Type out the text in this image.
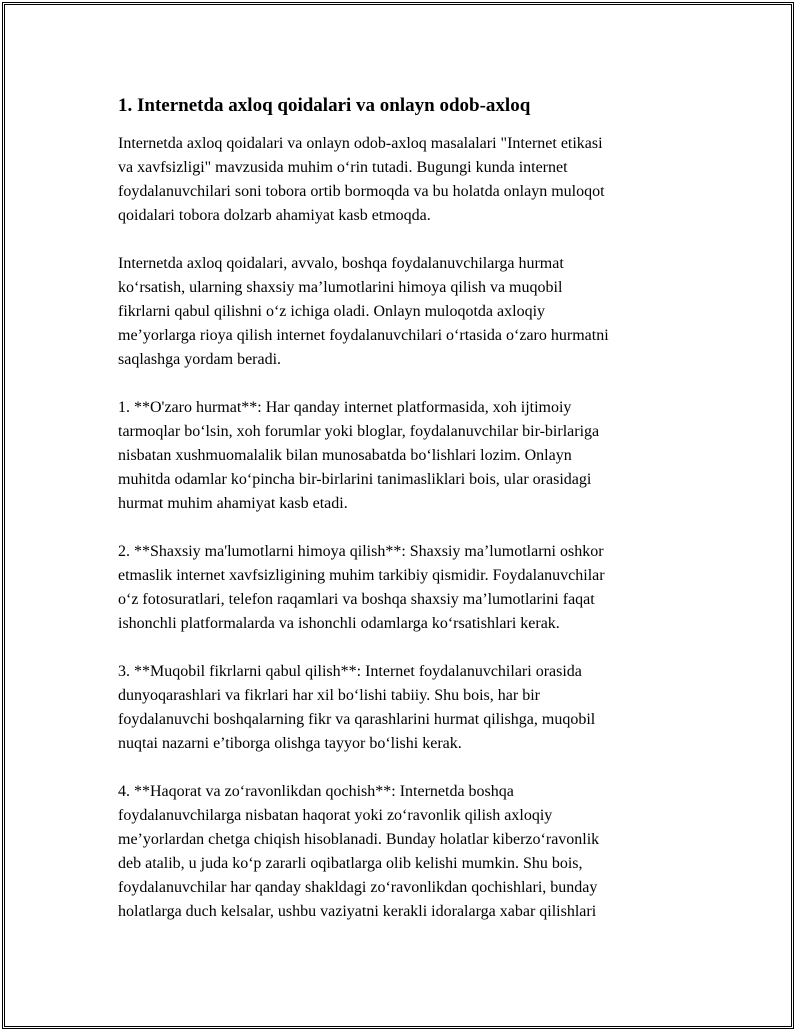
1. Internetda axloq qoidalari va onlayn odob-axloq

Internetda axloq qoidalari va onlayn odob-axloq masalalari "Internet etikasi
va xavfsizligi" mavzusida muhim o‘rin tutadi. Bugungi kunda internet
foydalanuvchilari soni tobora ortib bormoqda va bu holatda onlayn muloqot
qoidalari tobora dolzarb ahamiyat kasb etmoqda.

Internetda axloq qoidalari, avvalo, boshqa foydalanuvchilarga hurmat
ko‘rsatish, ularning shaxsiy ma’lumotlarini himoya qilish va muqobil
fikrlarni qabul qilishni o‘z ichiga oladi. Onlayn muloqotda axloqiy
me’yorlarga rioya qilish internet foydalanuvchilari o‘rtasida o‘zaro hurmatni
saqlashga yordam beradi.

1. **O'zaro hurmat**: Har qanday internet platformasida, xoh ijtimoiy
tarmoqlar bo‘lsin, xoh forumlar yoki bloglar, foydalanuvchilar bir-birlariga
nisbatan xushmuomalalik bilan munosabatda bo‘lishlari lozim. Onlayn
muhitda odamlar ko‘pincha bir-birlarini tanimasliklari bois, ular orasidagi
hurmat muhim ahamiyat kasb etadi.

2. **Shaxsiy ma'lumotlarni himoya qilish**: Shaxsiy ma’lumotlarni oshkor
etmaslik internet xavfsizligining muhim tarkibiy qismidir. Foydalanuvchilar
o‘z fotosuratlari, telefon raqamlari va boshqa shaxsiy ma’lumotlarini faqat
ishonchli platformalarda va ishonchli odamlarga ko‘rsatishlari kerak.

3. **Muqobil fikrlarni qabul qilish**: Internet foydalanuvchilari orasida
dunyoqarashlari va fikrlari har xil bo‘lishi tabiiy. Shu bois, har bir
foydalanuvchi boshqalarning fikr va qarashlarini hurmat qilishga, muqobil
nuqtai nazarni e’tiborga olishga tayyor bo‘lishi kerak.

4. **Haqorat va zo‘ravonlikdan qochish**: Internetda boshqa
foydalanuvchilarga nisbatan haqorat yoki zo‘ravonlik qilish axloqiy
me’yorlardan chetga chiqish hisoblanadi. Bunday holatlar kiberzo‘ravonlik
deb atalib, u juda ko‘p zararli oqibatlarga olib kelishi mumkin. Shu bois,
foydalanuvchilar har qanday shakldagi zo‘ravonlikdan qochishlari, bunday
holatlarga duch kelsalar, ushbu vaziyatni kerakli idoralarga xabar qilishlari
